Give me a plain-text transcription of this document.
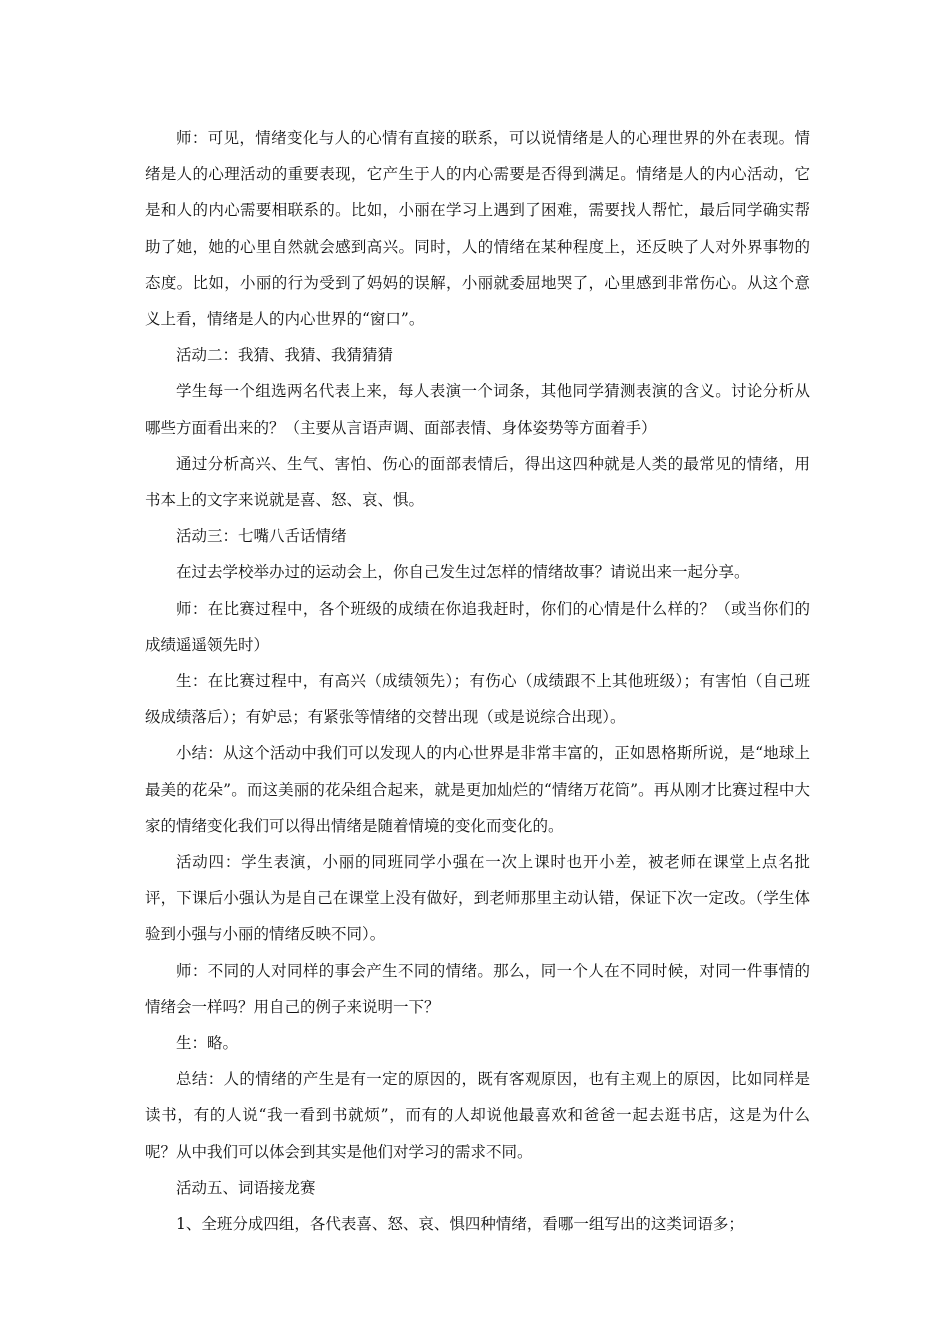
师：可见，情绪变化与人的心情有直接的联系，可以说情绪是人的心理世界的外在表现。情绪是人的心理活动的重要表现，它产生于人的内心需要是否得到满足。情绪是人的内心活动，它是和人的内心需要相联系的。比如，小丽在学习上遇到了困难，需要找人帮忙，最后同学确实帮助了她，她的心里自然就会感到高兴。同时，人的情绪在某种程度上，还反映了人对外界事物的态度。比如，小丽的行为受到了妈妈的误解，小丽就委屈地哭了，心里感到非常伤心。从这个意义上看，情绪是人的内心世界的“窗口”。

活动二：我猜、我猜、我猜猜猜

学生每一个组选两名代表上来，每人表演一个词条，其他同学猜测表演的含义。讨论分析从哪些方面看出来的？（主要从言语声调、面部表情、身体姿势等方面着手）

通过分析高兴、生气、害怕、伤心的面部表情后，得出这四种就是人类的最常见的情绪，用书本上的文字来说就是喜、怒、哀、惧。

活动三：七嘴八舌话情绪

在过去学校举办过的运动会上，你自己发生过怎样的情绪故事？请说出来一起分享。

师：在比赛过程中，各个班级的成绩在你追我赶时，你们的心情是什么样的？（或当你们的成绩遥遥领先时）

生：在比赛过程中，有高兴（成绩领先）；有伤心（成绩跟不上其他班级）；有害怕（自己班级成绩落后）；有妒忌；有紧张等情绪的交替出现（或是说综合出现）。

小结：从这个活动中我们可以发现人的内心世界是非常丰富的，正如恩格斯所说，是“地球上最美的花朵”。而这美丽的花朵组合起来，就是更加灿烂的“情绪万花筒”。再从刚才比赛过程中大家的情绪变化我们可以得出情绪是随着情境的变化而变化的。

活动四：学生表演，小丽的同班同学小强在一次上课时也开小差，被老师在课堂上点名批评，下课后小强认为是自己在课堂上没有做好，到老师那里主动认错，保证下次一定改。（学生体验到小强与小丽的情绪反映不同）。

师：不同的人对同样的事会产生不同的情绪。那么，同一个人在不同时候，对同一件事情的情绪会一样吗？用自己的例子来说明一下？

生：略。

总结：人的情绪的产生是有一定的原因的，既有客观原因，也有主观上的原因，比如同样是读书，有的人说“我一看到书就烦”，而有的人却说他最喜欢和爸爸一起去逛书店，这是为什么呢？从中我们可以体会到其实是他们对学习的需求不同。

活动五、词语接龙赛

1、全班分成四组，各代表喜、怒、哀、惧四种情绪，看哪一组写出的这类词语多；
